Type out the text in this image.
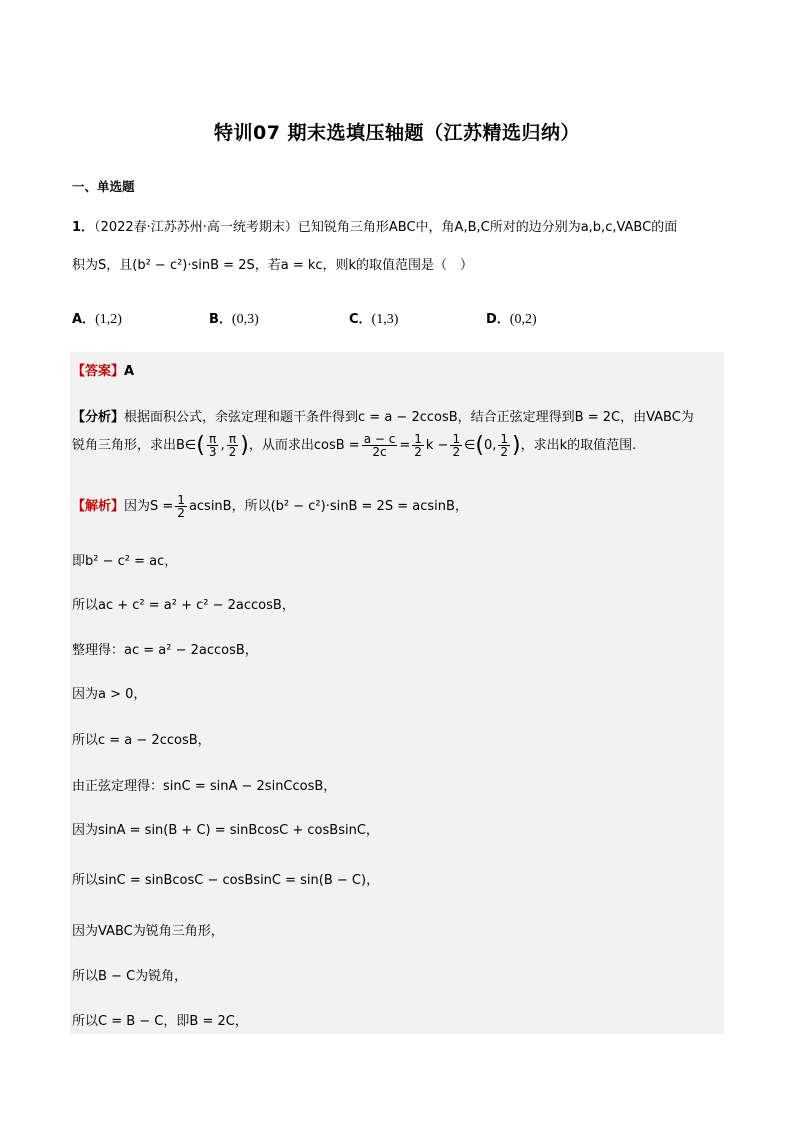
特训07 期末选填压轴题（江苏精选归纳）
一、单选题
1．（2022春·江苏苏州·高一统考期末）已知锐角三角形ABC中，角A,B,C所对的边分别为a,b,c,VABC的面
积为S，且(b² − c²)·sinB = 2S，若a = kc，则k的取值范围是（　）
A．(1,2)	B．(0,3)	C．(1,3)	D．(0,2)
【答案】A
【分析】根据面积公式，余弦定理和题干条件得到c = a − 2ccosB，结合正弦定理得到B = 2C，由VABC为
锐角三角形，求出B∈( $\frac{\pi}{3}$ , $\frac{\pi}{2}$ )，从而求出$\cos B = \frac{a - c}{2c} = \frac{1}{2}$ $k - \frac{1}{2}$ ∈(0, $\frac{1}{2}$ )，求出k的取值范围.
【解析】因为$S = \frac{1}{2}$ acsinB，所以(b² − c²)·sinB = 2S = acsinB，
即b² − c² = ac，
所以ac + c² = a² + c² − 2accosB，
整理得：ac = a² − 2accosB，
因为a > 0，
所以c = a − 2ccosB，
由正弦定理得：sinC = sinA − 2sinCcosB，
因为sinA = sin(B + C) = sinBcosC + cosBsinC，
所以sinC = sinBcosC − cosBsinC = sin(B − C)，
因为VABC为锐角三角形，
所以B − C为锐角，
所以C = B − C，即B = 2C，
